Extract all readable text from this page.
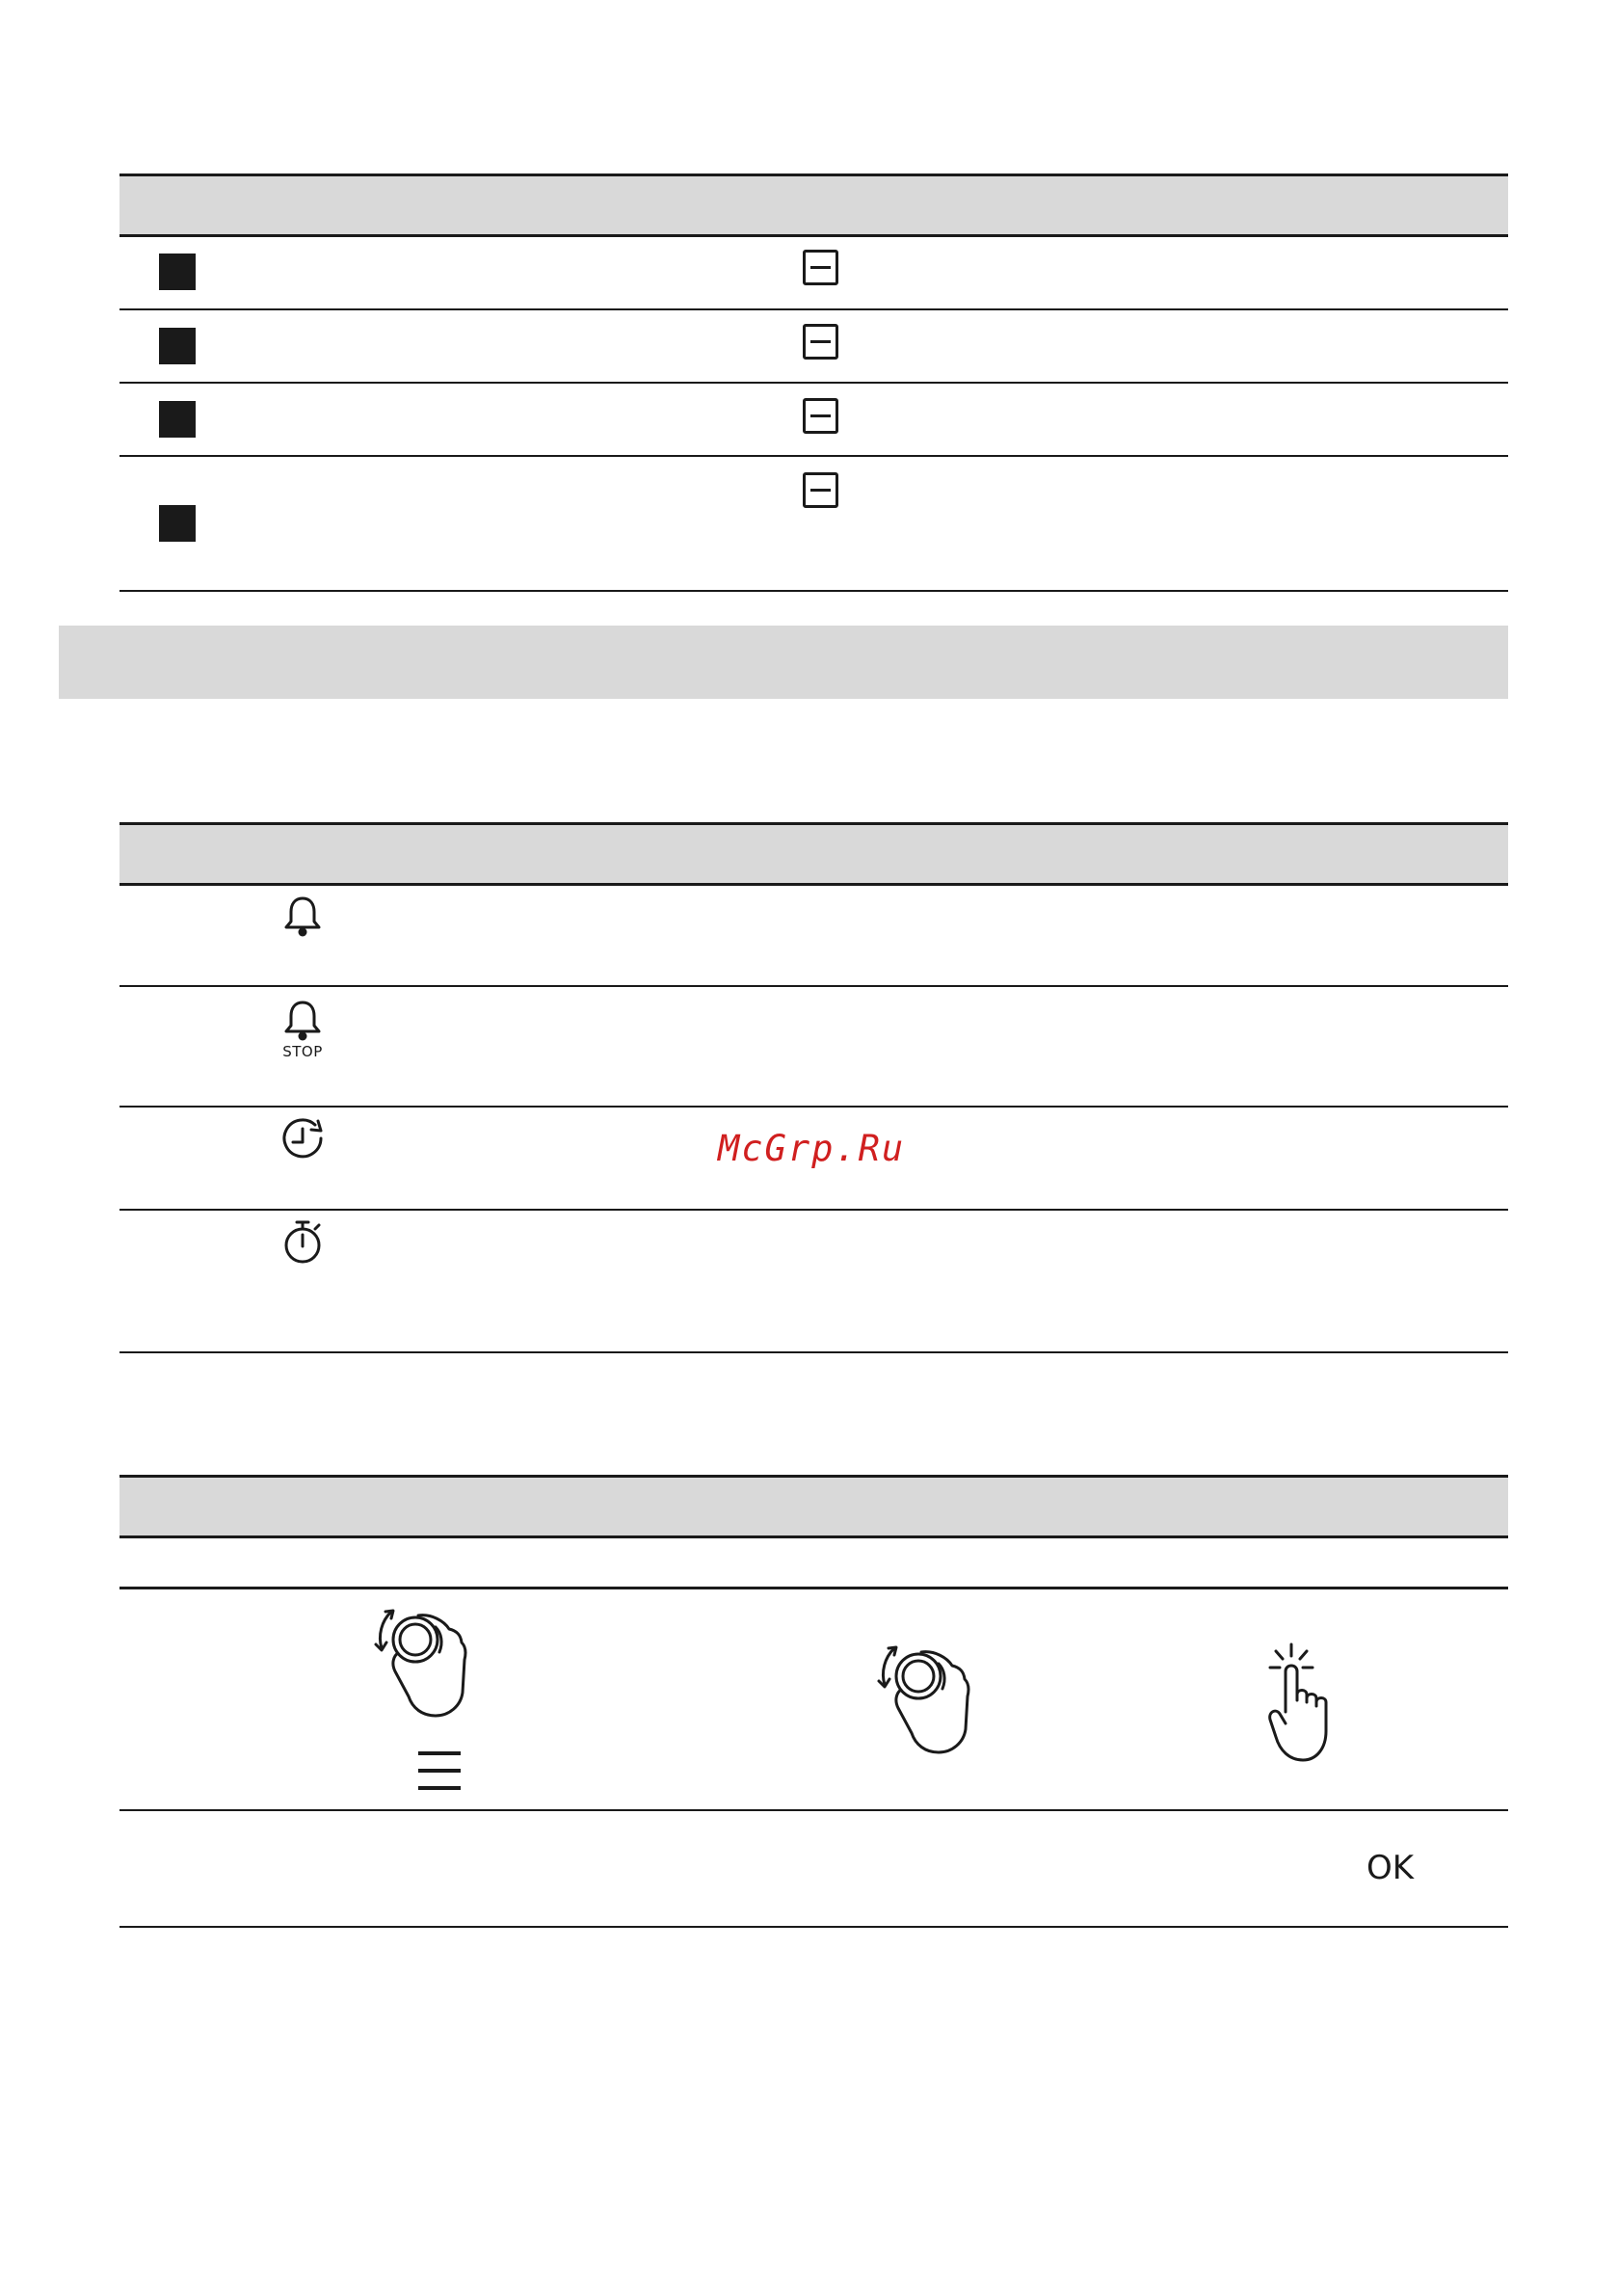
STOP
McGrp.Ru
OK
